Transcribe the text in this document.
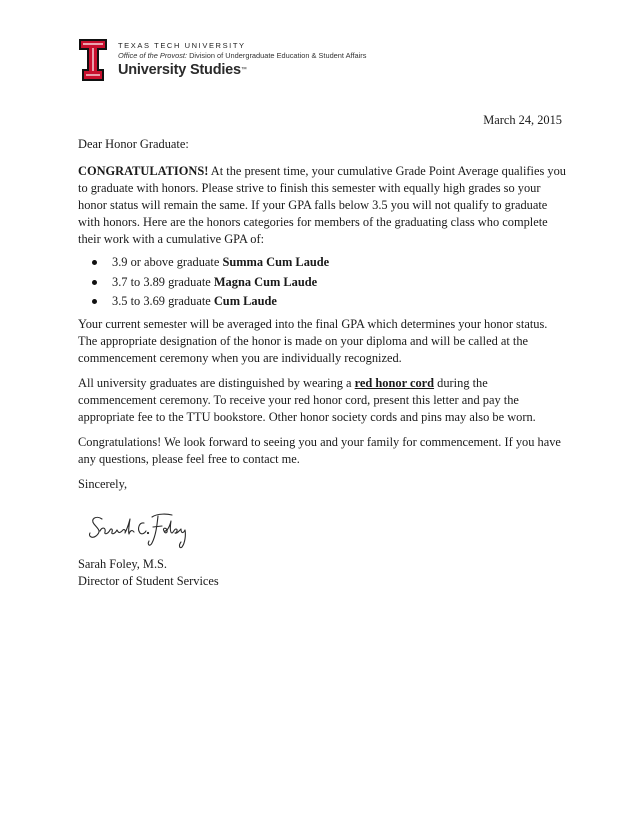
TEXAS TECH UNIVERSITY
Office of the Provost: Division of Undergraduate Education & Student Affairs
University Studies™
March 24, 2015
Dear Honor Graduate:
CONGRATULATIONS! At the present time, your cumulative Grade Point Average qualifies you to graduate with honors. Please strive to finish this semester with equally high grades so your honor status will remain the same. If your GPA falls below 3.5 you will not qualify to graduate with honors. Here are the honors categories for members of the graduating class who complete their work with a cumulative GPA of:
3.9 or above graduate Summa Cum Laude
3.7 to 3.89 graduate Magna Cum Laude
3.5 to 3.69 graduate Cum Laude
Your current semester will be averaged into the final GPA which determines your honor status. The appropriate designation of the honor is made on your diploma and will be called at the commencement ceremony when you are individually recognized.
All university graduates are distinguished by wearing a red honor cord during the commencement ceremony. To receive your red honor cord, present this letter and pay the appropriate fee to the TTU bookstore. Other honor society cords and pins may also be worn.
Congratulations! We look forward to seeing you and your family for commencement. If you have any questions, please feel free to contact me.
Sincerely,
Sarah Foley, M.S.
Director of Student Services
